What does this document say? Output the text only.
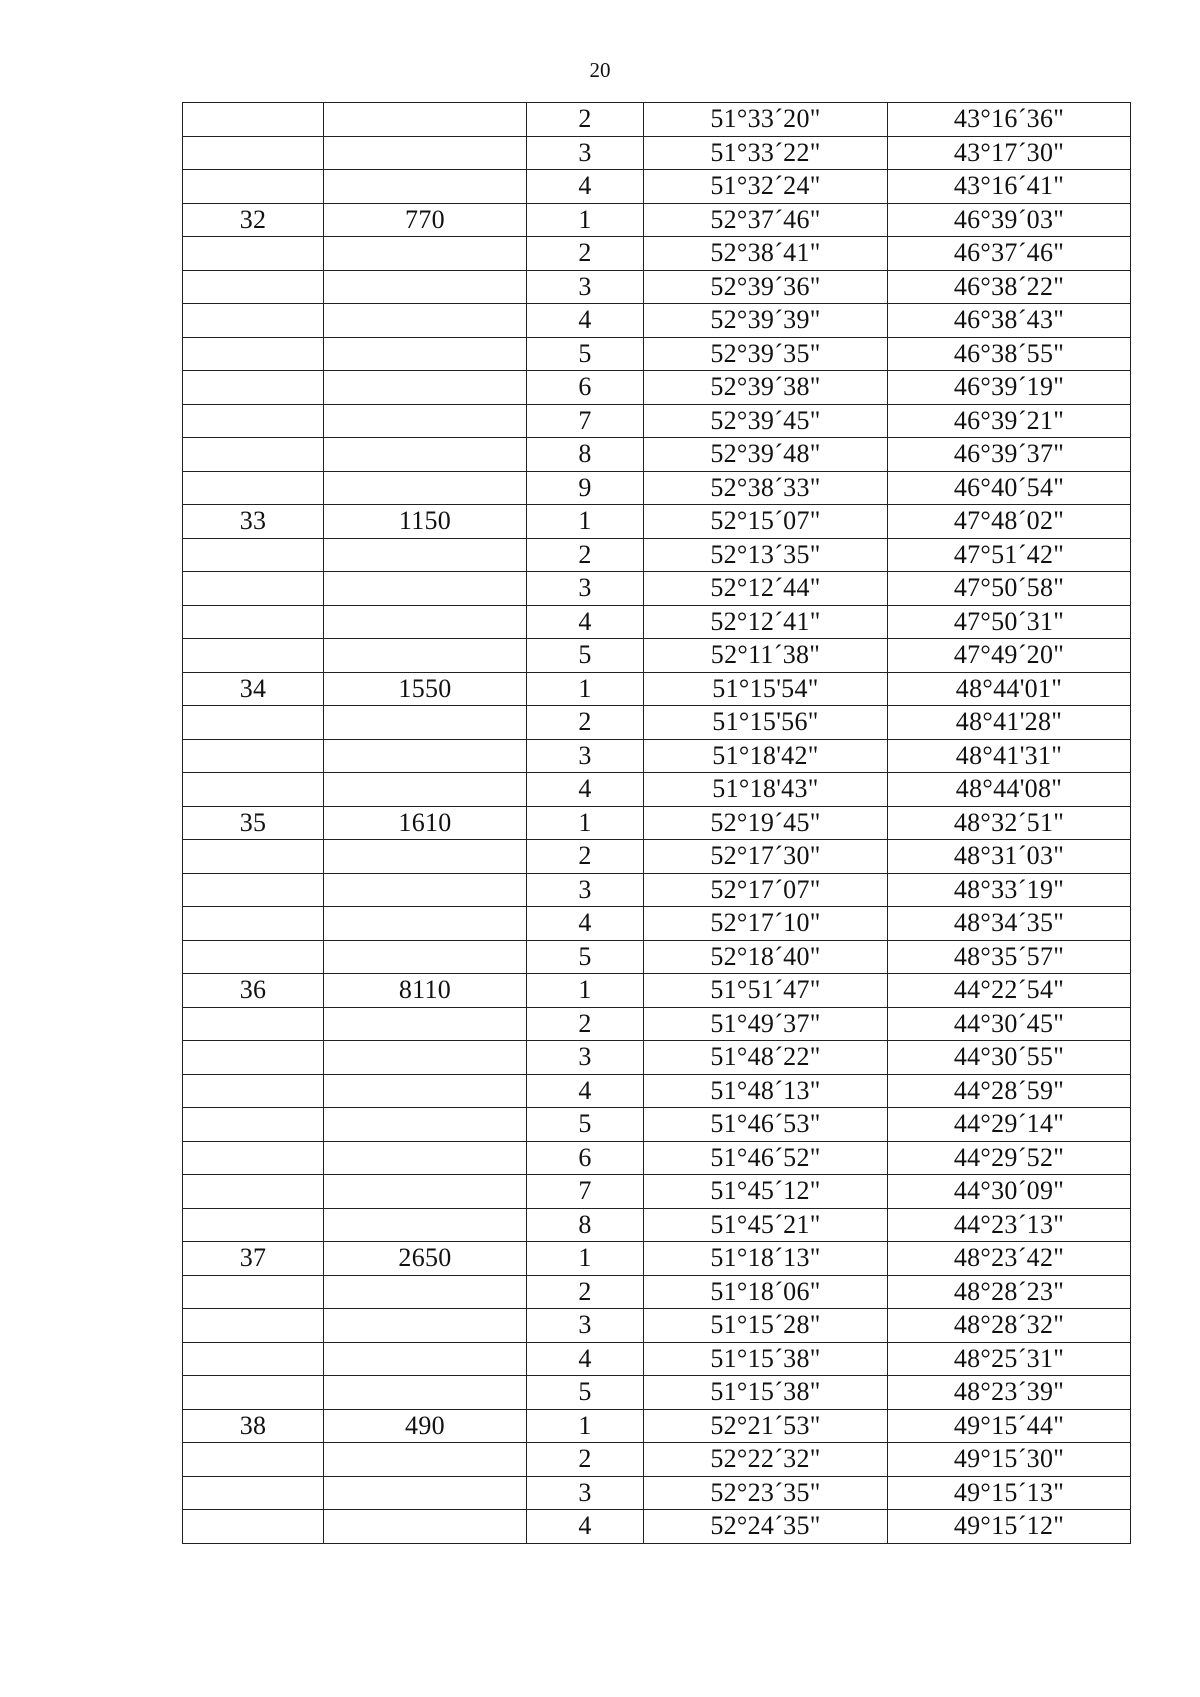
20
		2	51°33´20"	43°16´36"
		3	51°33´22"	43°17´30"
		4	51°32´24"	43°16´41"
32	770	1	52°37´46"	46°39´03"
		2	52°38´41"	46°37´46"
		3	52°39´36"	46°38´22"
		4	52°39´39"	46°38´43"
		5	52°39´35"	46°38´55"
		6	52°39´38"	46°39´19"
		7	52°39´45"	46°39´21"
		8	52°39´48"	46°39´37"
		9	52°38´33"	46°40´54"
33	1150	1	52°15´07"	47°48´02"
		2	52°13´35"	47°51´42"
		3	52°12´44"	47°50´58"
		4	52°12´41"	47°50´31"
		5	52°11´38"	47°49´20"
34	1550	1	51°15'54"	48°44'01"
		2	51°15'56"	48°41'28"
		3	51°18'42"	48°41'31"
		4	51°18'43"	48°44'08"
35	1610	1	52°19´45"	48°32´51"
		2	52°17´30"	48°31´03"
		3	52°17´07"	48°33´19"
		4	52°17´10"	48°34´35"
		5	52°18´40"	48°35´57"
36	8110	1	51°51´47"	44°22´54"
		2	51°49´37"	44°30´45"
		3	51°48´22"	44°30´55"
		4	51°48´13"	44°28´59"
		5	51°46´53"	44°29´14"
		6	51°46´52"	44°29´52"
		7	51°45´12"	44°30´09"
		8	51°45´21"	44°23´13"
37	2650	1	51°18´13"	48°23´42"
		2	51°18´06"	48°28´23"
		3	51°15´28"	48°28´32"
		4	51°15´38"	48°25´31"
		5	51°15´38"	48°23´39"
38	490	1	52°21´53"	49°15´44"
		2	52°22´32"	49°15´30"
		3	52°23´35"	49°15´13"
		4	52°24´35"	49°15´12"
